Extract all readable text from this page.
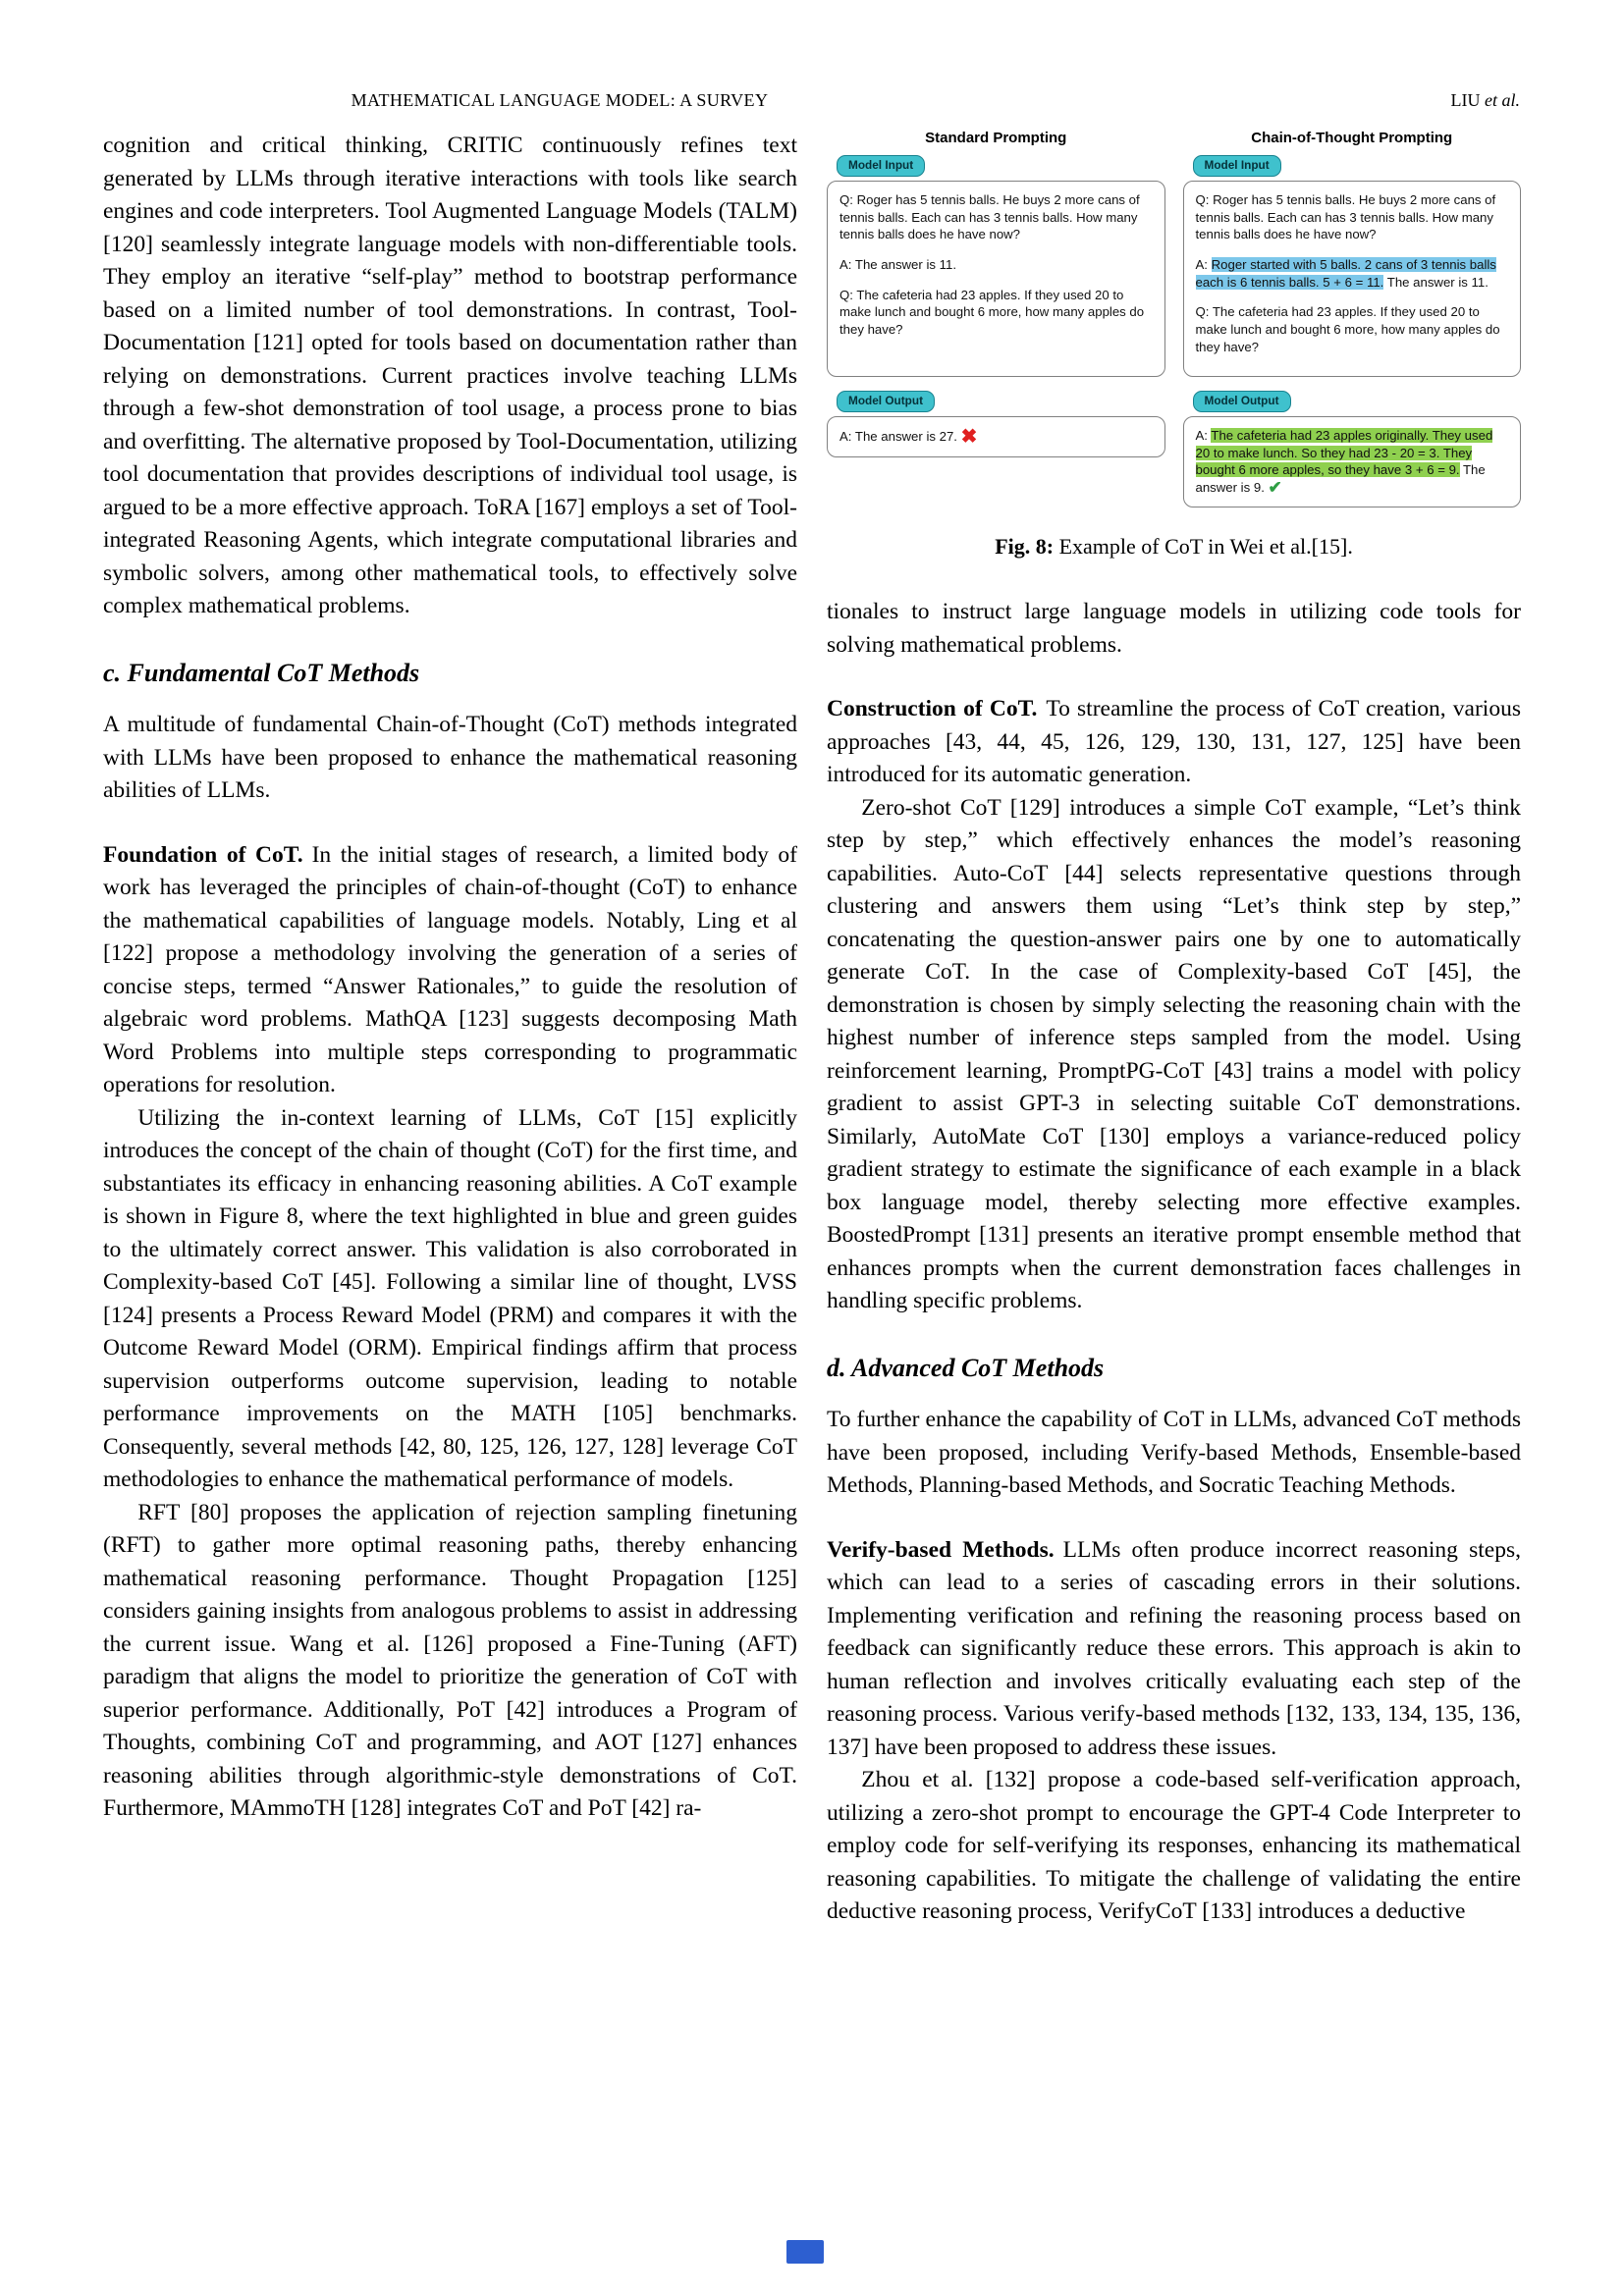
MATHEMATICAL LANGUAGE MODEL: A SURVEY	LIU et al.

cognition and critical thinking, CRITIC continuously refines text generated by LLMs through iterative interactions with tools like search engines and code interpreters. Tool Augmented Language Models (TALM) [120] seamlessly integrate language models with non-differentiable tools. They employ an iterative “self-play” method to bootstrap performance based on a limited number of tool demonstrations. In contrast, Tool-Documentation [121] opted for tools based on documentation rather than relying on demonstrations. Current practices involve teaching LLMs through a few-shot demonstration of tool usage, a process prone to bias and overfitting. The alternative proposed by Tool-Documentation, utilizing tool documentation that provides descriptions of individual tool usage, is argued to be a more effective approach. ToRA [167] employs a set of Tool-integrated Reasoning Agents, which integrate computational libraries and symbolic solvers, among other mathematical tools, to effectively solve complex mathematical problems.

c. Fundamental CoT Methods

A multitude of fundamental Chain-of-Thought (CoT) methods integrated with LLMs have been proposed to enhance the mathematical reasoning abilities of LLMs.

Foundation of CoT. In the initial stages of research, a limited body of work has leveraged the principles of chain-of-thought (CoT) to enhance the mathematical capabilities of language models. Notably, Ling et al [122] propose a methodology involving the generation of a series of concise steps, termed “Answer Rationales,” to guide the resolution of algebraic word problems. MathQA [123] suggests decomposing Math Word Problems into multiple steps corresponding to programmatic operations for resolution.

Utilizing the in-context learning of LLMs, CoT [15] explicitly introduces the concept of the chain of thought (CoT) for the first time, and substantiates its efficacy in enhancing reasoning abilities. A CoT example is shown in Figure 8, where the text highlighted in blue and green guides to the ultimately correct answer. This validation is also corroborated in Complexity-based CoT [45]. Following a similar line of thought, LVSS [124] presents a Process Reward Model (PRM) and compares it with the Outcome Reward Model (ORM). Empirical findings affirm that process supervision outperforms outcome supervision, leading to notable performance improvements on the MATH [105] benchmarks. Consequently, several methods [42, 80, 125, 126, 127, 128] leverage CoT methodologies to enhance the mathematical performance of models.

RFT [80] proposes the application of rejection sampling finetuning (RFT) to gather more optimal reasoning paths, thereby enhancing mathematical reasoning performance. Thought Propagation [125] considers gaining insights from analogous problems to assist in addressing the current issue. Wang et al. [126] proposed a Fine-Tuning (AFT) paradigm that aligns the model to prioritize the generation of CoT with superior performance. Additionally, PoT [42] introduces a Program of Thoughts, combining CoT and programming, and AOT [127] enhances reasoning abilities through algorithmic-style demonstrations of CoT. Furthermore, MAmmoTH [128] integrates CoT and PoT [42] ra-

Standard Prompting
Model Input

Q: Roger has 5 tennis balls. He buys 2 more cans of tennis balls. Each can has 3 tennis balls. How many tennis balls does he have now?

A: The answer is 11.

Q: The cafeteria had 23 apples. If they used 20 to make lunch and bought 6 more, how many apples do they have?

Model Output

A: The answer is 27. ✖

Chain-of-Thought Prompting
Model Input

Q: Roger has 5 tennis balls. He buys 2 more cans of tennis balls. Each can has 3 tennis balls. How many tennis balls does he have now?

A: Roger started with 5 balls. 2 cans of 3 tennis balls each is 6 tennis balls. 5 + 6 = 11. The answer is 11.

Q: The cafeteria had 23 apples. If they used 20 to make lunch and bought 6 more, how many apples do they have?

Model Output

A: The cafeteria had 23 apples originally. They used 20 to make lunch. So they had 23 - 20 = 3. They bought 6 more apples, so they have 3 + 6 = 9. The answer is 9. ✔

Fig. 8: Example of CoT in Wei et al.[15].

tionales to instruct large language models in utilizing code tools for solving mathematical problems.

Construction of CoT. To streamline the process of CoT creation, various approaches [43, 44, 45, 126, 129, 130, 131, 127, 125] have been introduced for its automatic generation.

Zero-shot CoT [129] introduces a simple CoT example, “Let’s think step by step,” which effectively enhances the model’s reasoning capabilities. Auto-CoT [44] selects representative questions through clustering and answers them using “Let’s think step by step,” concatenating the question-answer pairs one by one to automatically generate CoT. In the case of Complexity-based CoT [45], the demonstration is chosen by simply selecting the reasoning chain with the highest number of inference steps sampled from the model. Using reinforcement learning, PromptPG-CoT [43] trains a model with policy gradient to assist GPT-3 in selecting suitable CoT demonstrations. Similarly, AutoMate CoT [130] employs a variance-reduced policy gradient strategy to estimate the significance of each example in a black box language model, thereby selecting more effective examples. BoostedPrompt [131] presents an iterative prompt ensemble method that enhances prompts when the current demonstration faces challenges in handling specific problems.

d. Advanced CoT Methods

To further enhance the capability of CoT in LLMs, advanced CoT methods have been proposed, including Verify-based Methods, Ensemble-based Methods, Planning-based Methods, and Socratic Teaching Methods.

Verify-based Methods. LLMs often produce incorrect reasoning steps, which can lead to a series of cascading errors in their solutions. Implementing verification and refining the reasoning process based on feedback can significantly reduce these errors. This approach is akin to human reflection and involves critically evaluating each step of the reasoning process. Various verify-based methods [132, 133, 134, 135, 136, 137] have been proposed to address these issues.

Zhou et al. [132] propose a code-based self-verification approach, utilizing a zero-shot prompt to encourage the GPT-4 Code Interpreter to employ code for self-verifying its responses, enhancing its mathematical reasoning capabilities. To mitigate the challenge of validating the entire deductive reasoning process, VerifyCoT [133] introduces a deductive
